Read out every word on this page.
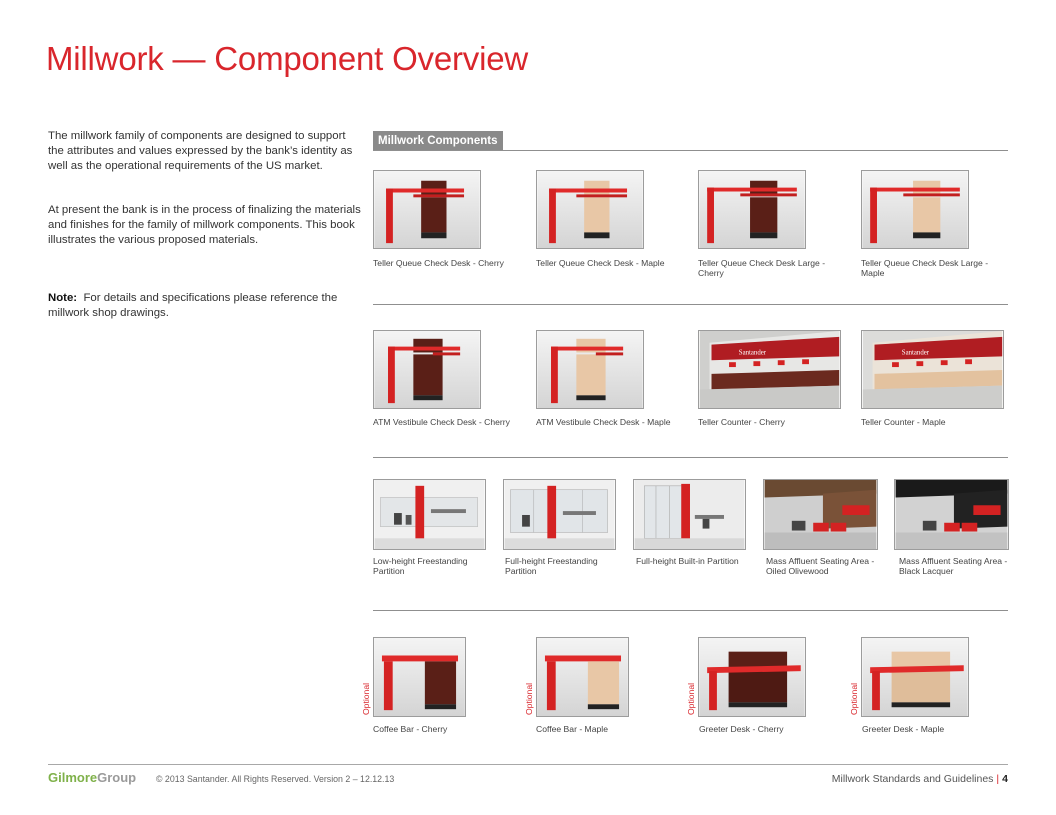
Millwork — Component Overview

The millwork family of components are designed to support the attributes and values expressed by the bank’s identity as well as the operational requirements of the US market.

At present the bank is in the process of finalizing the materials and finishes for the family of millwork components. This book illustrates the various proposed materials.

Note: For details and specifications please reference the millwork shop drawings.

Millwork Components
Teller Queue Check Desk - Cherry	Teller Queue Check Desk - Maple	Teller Queue Check Desk Large -
Cherry
Teller Queue Check Desk Large -
Maple
ATM Vestibule Check Desk - Cherry	ATM Vestibule Check Desk - Maple
Santander
Teller Counter - Cherry
Santander
Teller Counter - Maple
Low-height Freestanding
Partition
Full-height Freestanding
Partition
Full-height Built-in Partition	Mass Affluent Seating Area -
Oiled Olivewood
Mass Affluent Seating Area -
Black Lacquer
Optional
Coffee Bar - Cherry
Optional
Coffee Bar - Maple
Optional
Greeter Desk - Cherry
Optional
Greeter Desk - Maple
GilmoreGroup © 2013 Santander. All Rights Reserved. Version 2 – 12.12.13	Millwork Standards and Guidelines | 4
